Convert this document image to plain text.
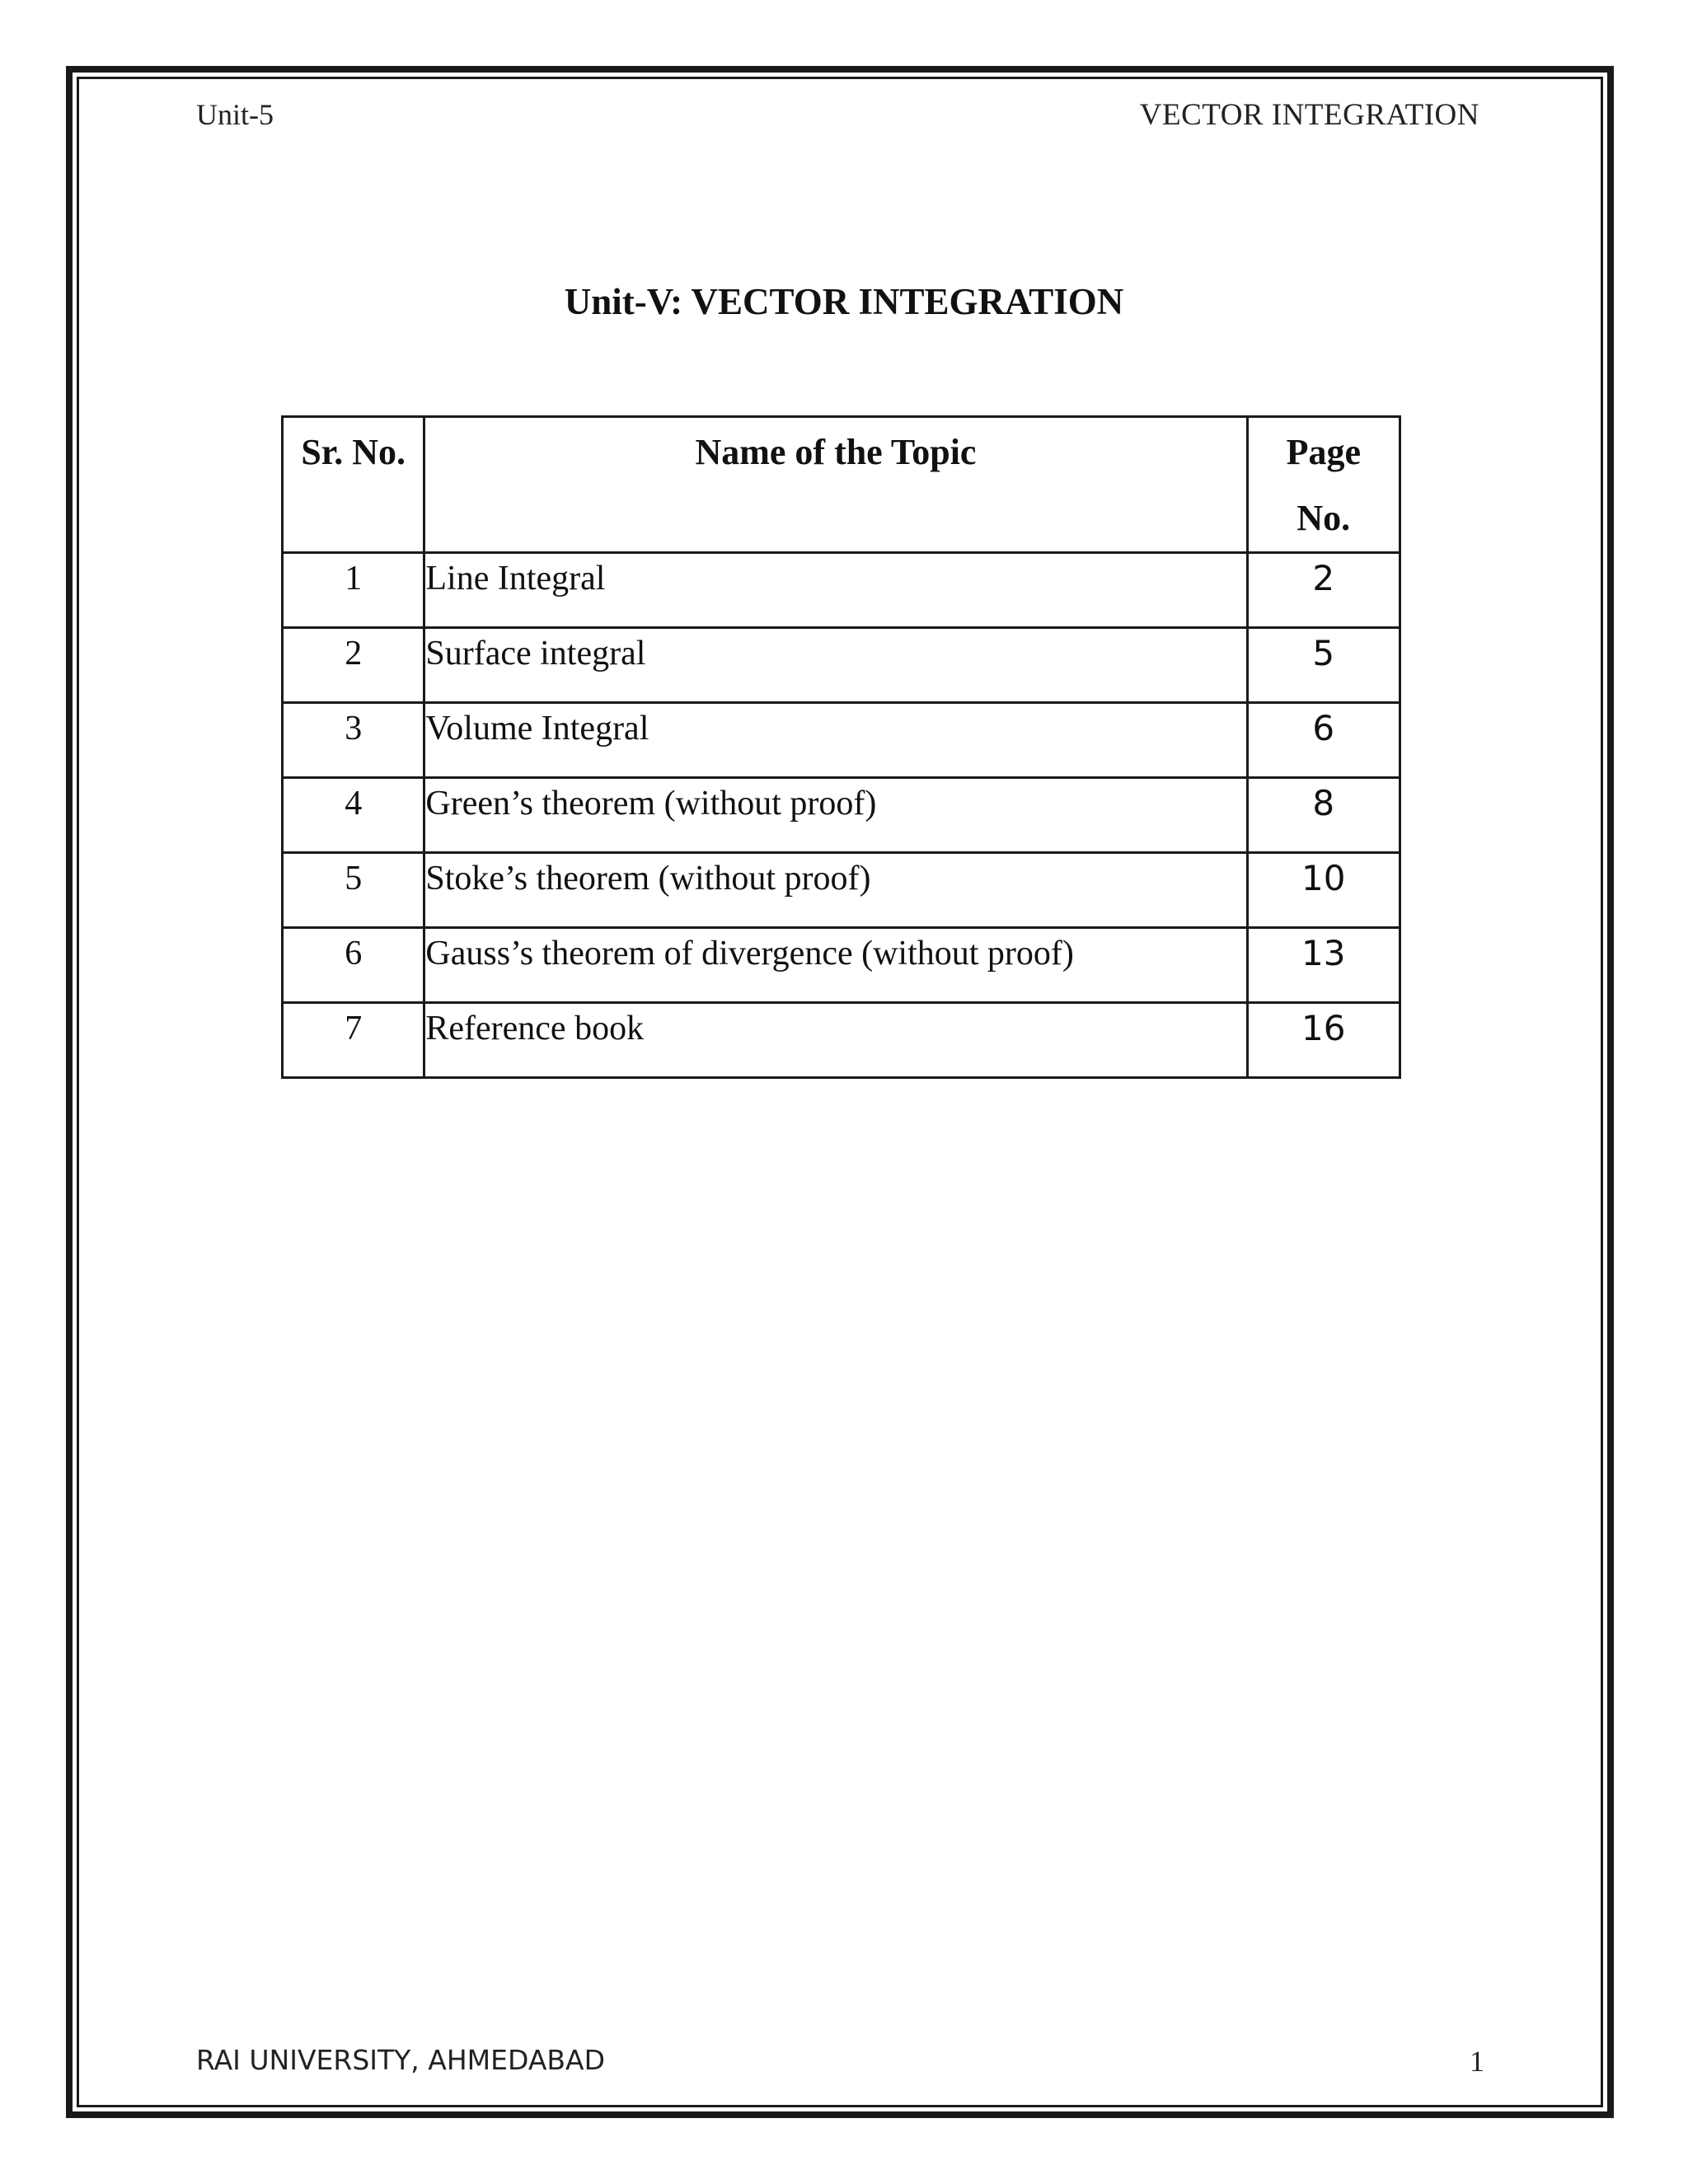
Unit-5	VECTOR INTEGRATION
Unit-V: VECTOR INTEGRATION
Sr. No.	Name of the Topic	Page
No.

1	Line Integral	2
2	Surface integral	5
3	Volume Integral	6
4	Green’s theorem (without proof)	8
5	Stoke’s theorem (without proof)	10
6	Gauss’s theorem of divergence (without proof)	13
7	Reference book	16
RAI UNIVERSITY, AHMEDABAD	1
